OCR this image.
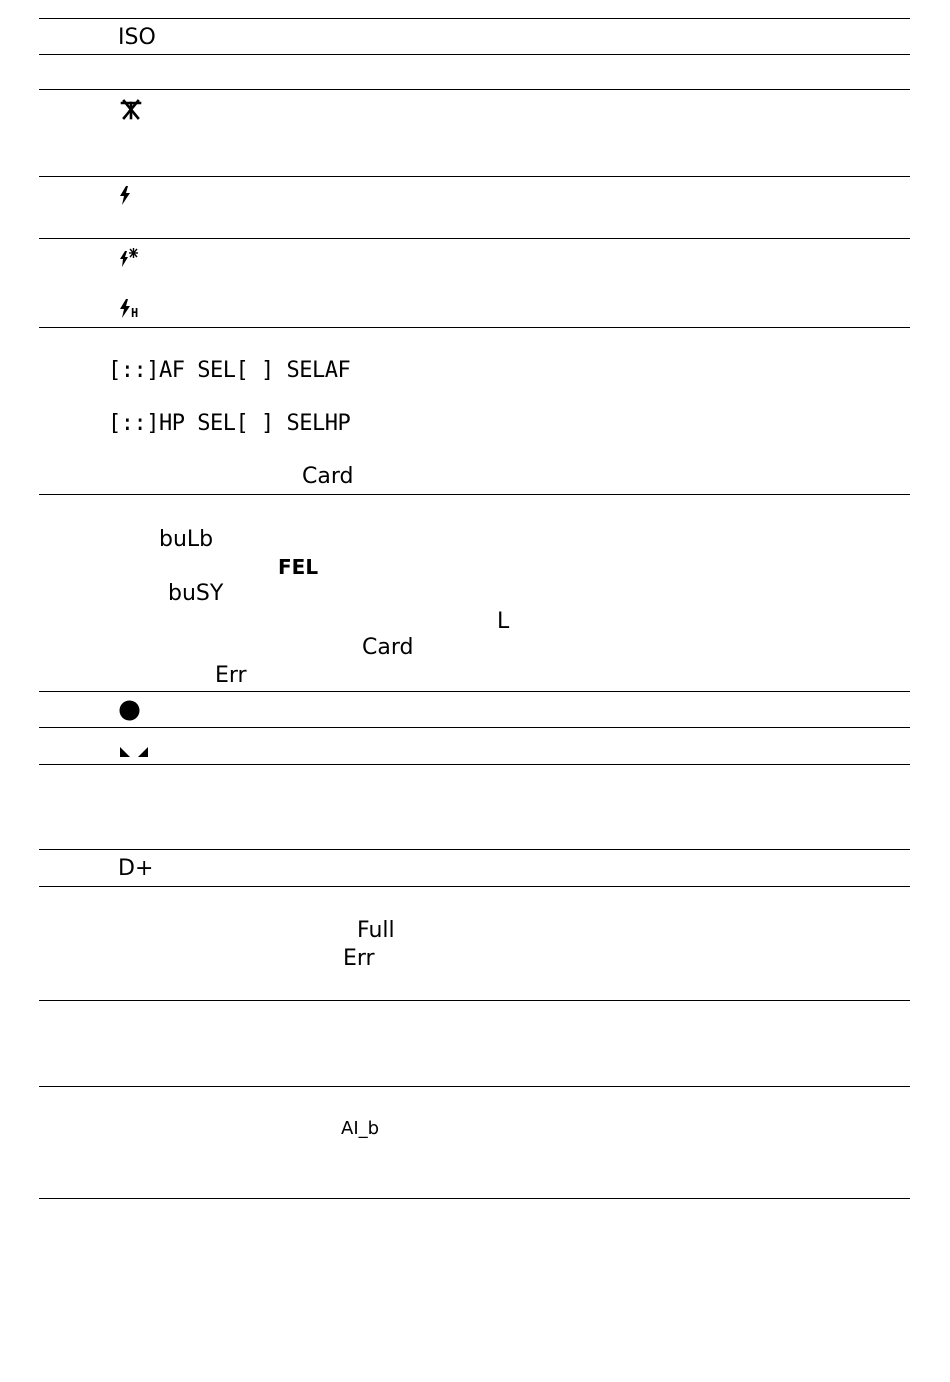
ISO
H
[::]AF SEL[ ] SELAF
[::]HP SEL[ ] SELHP
Card
buLb
FEL
buSY
L
Card
Err
D+
Full
Err
AI_b
